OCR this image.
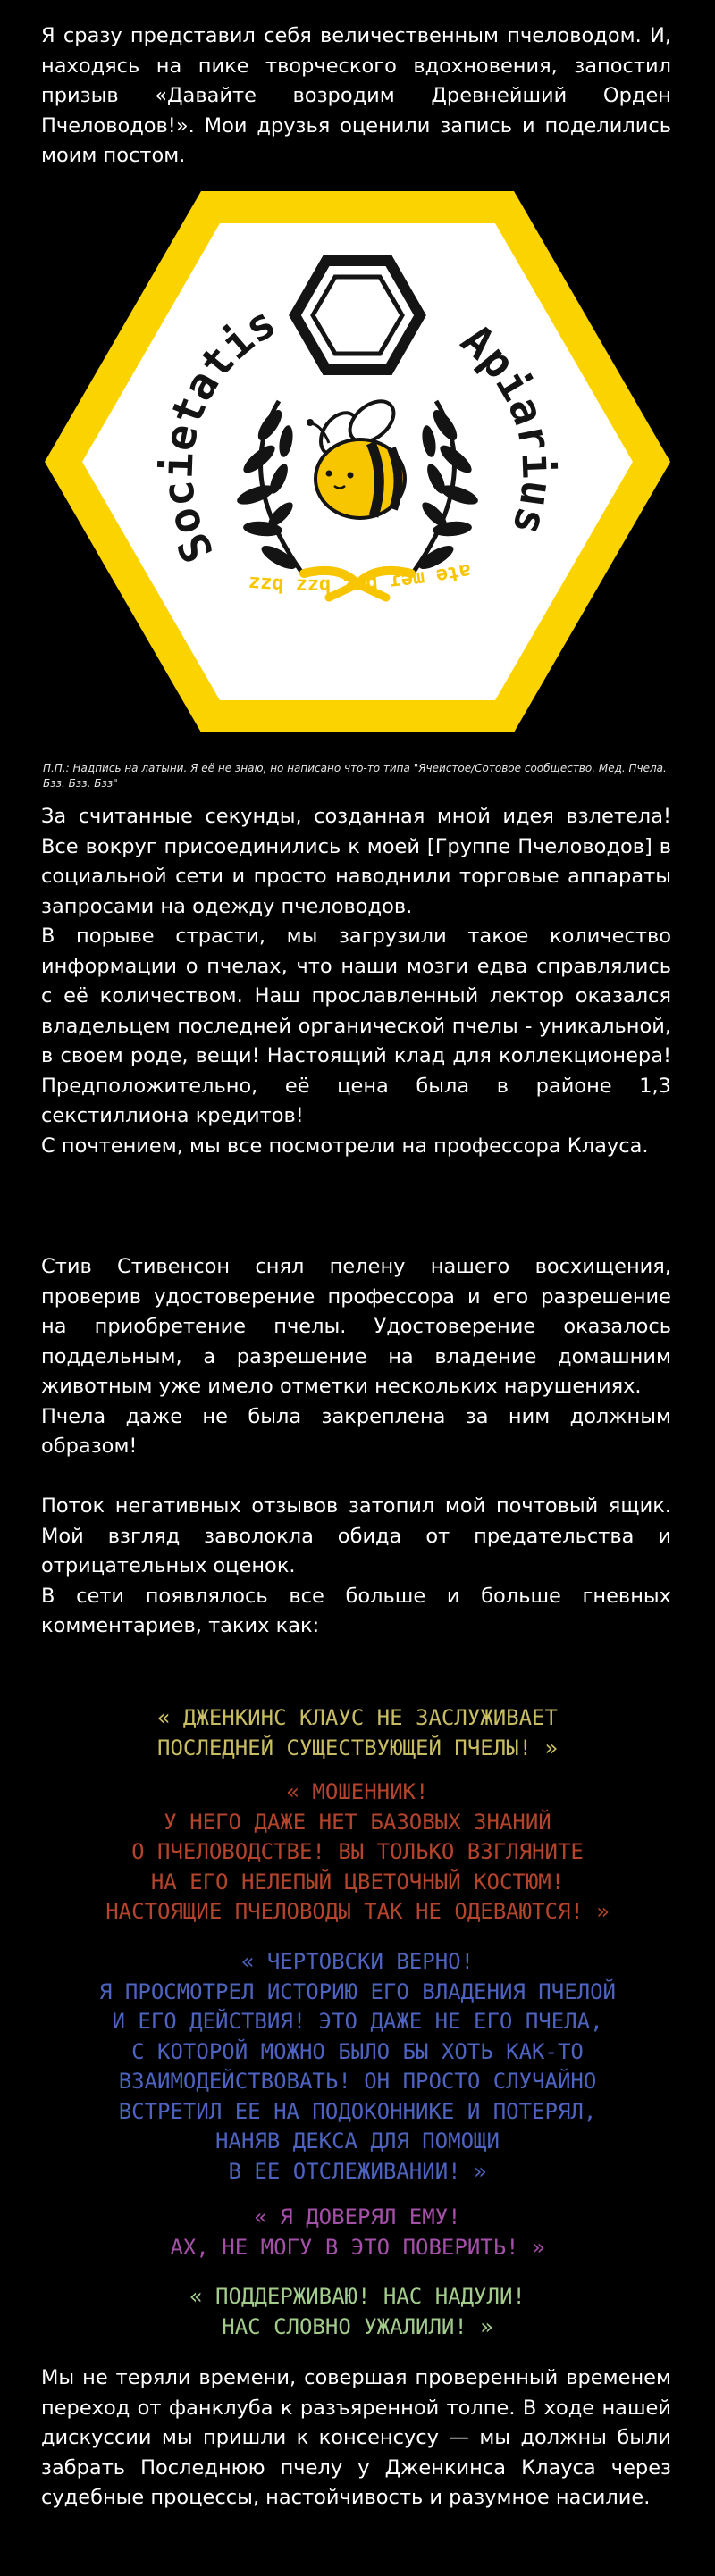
Я сразу представил себя величественным пчеловодом. И, находясь на пике творческого вдохновения, запостил призыв «Давайте возродим Древнейший Орден Пчеловодов!». Мои друзья оценили запись и поделились моим постом.

Societatis	Apiarius
zzq zzq zzq ɾəɯ əʇɐ
П.П.: Надпись на латыни. Я её не знаю, но написано что-то типа "Ячеистое/Сотовое сообщество. Мед. Пчела. Бзз. Бзз. Бзз"

За считанные секунды, созданная мной идея взлетела! Все вокруг присоединились к моей [Группе Пчеловодов] в социальной сети и просто наводнили торговые аппараты запросами на одежду пчеловодов.

В порыве страсти, мы загрузили такое количество информации о пчелах, что наши мозги едва справлялись с её количеством. Наш прославленный лектор оказался владельцем последней органической пчелы - уникальной, в своем роде, вещи! Настоящий клад для коллекционера! Предположительно, её цена была в районе 1,3 секстиллиона кредитов!

С почтением, мы все посмотрели на профессора Клауса.

Стив Стивенсон снял пелену нашего восхищения, проверив удостоверение профессора и его разрешение на приобретение пчелы. Удостоверение оказалось поддельным, а разрешение на владение домашним животным уже имело отметки нескольких нарушениях.

Пчела даже не была закреплена за ним должным образом!

Поток негативных отзывов затопил мой почтовый ящик. Мой взгляд заволокла обида от предательства и отрицательных оценок.

В сети появлялось все больше и больше гневных комментариев, таких как:

« ДЖЕНКИНС КЛАУС НЕ ЗАСЛУЖИВАЕТ

ПОСЛЕДНЕЙ СУЩЕСТВУЮЩЕЙ ПЧЕЛЫ! »

« МОШЕННИК!

У НЕГО ДАЖЕ НЕТ БАЗОВЫХ ЗНАНИЙ

О ПЧЕЛОВОДСТВЕ! ВЫ ТОЛЬКО ВЗГЛЯНИТЕ

НА ЕГО НЕЛЕПЫЙ ЦВЕТОЧНЫЙ КОСТЮМ!

НАСТОЯЩИЕ ПЧЕЛОВОДЫ ТАК НЕ ОДЕВАЮТСЯ! »

« ЧЕРТОВСКИ ВЕРНО!

Я ПРОСМОТРЕЛ ИСТОРИЮ ЕГО ВЛАДЕНИЯ ПЧЕЛОЙ

И ЕГО ДЕЙСТВИЯ! ЭТО ДАЖЕ НЕ ЕГО ПЧЕЛА,

С КОТОРОЙ МОЖНО БЫЛО БЫ ХОТЬ КАК-ТО

ВЗАИМОДЕЙСТВОВАТЬ! ОН ПРОСТО СЛУЧАЙНО

ВСТРЕТИЛ ЕЕ НА ПОДОКОННИКЕ И ПОТЕРЯЛ,

НАНЯВ ДЕКСА ДЛЯ ПОМОЩИ

В ЕЕ ОТСЛЕЖИВАНИИ! »

« Я ДОВЕРЯЛ ЕМУ!

АХ, НЕ МОГУ В ЭТО ПОВЕРИТЬ! »

« ПОДДЕРЖИВАЮ! НАС НАДУЛИ!

НАС СЛОВНО УЖАЛИЛИ! »

Мы не теряли времени, совершая проверенный временем переход от фанклуба к разъяренной толпе. В ходе нашей дискуссии мы пришли к консенсусу — мы должны были забрать Последнюю пчелу у Дженкинса Клауса через судебные процессы, настойчивость и разумное насилие.
